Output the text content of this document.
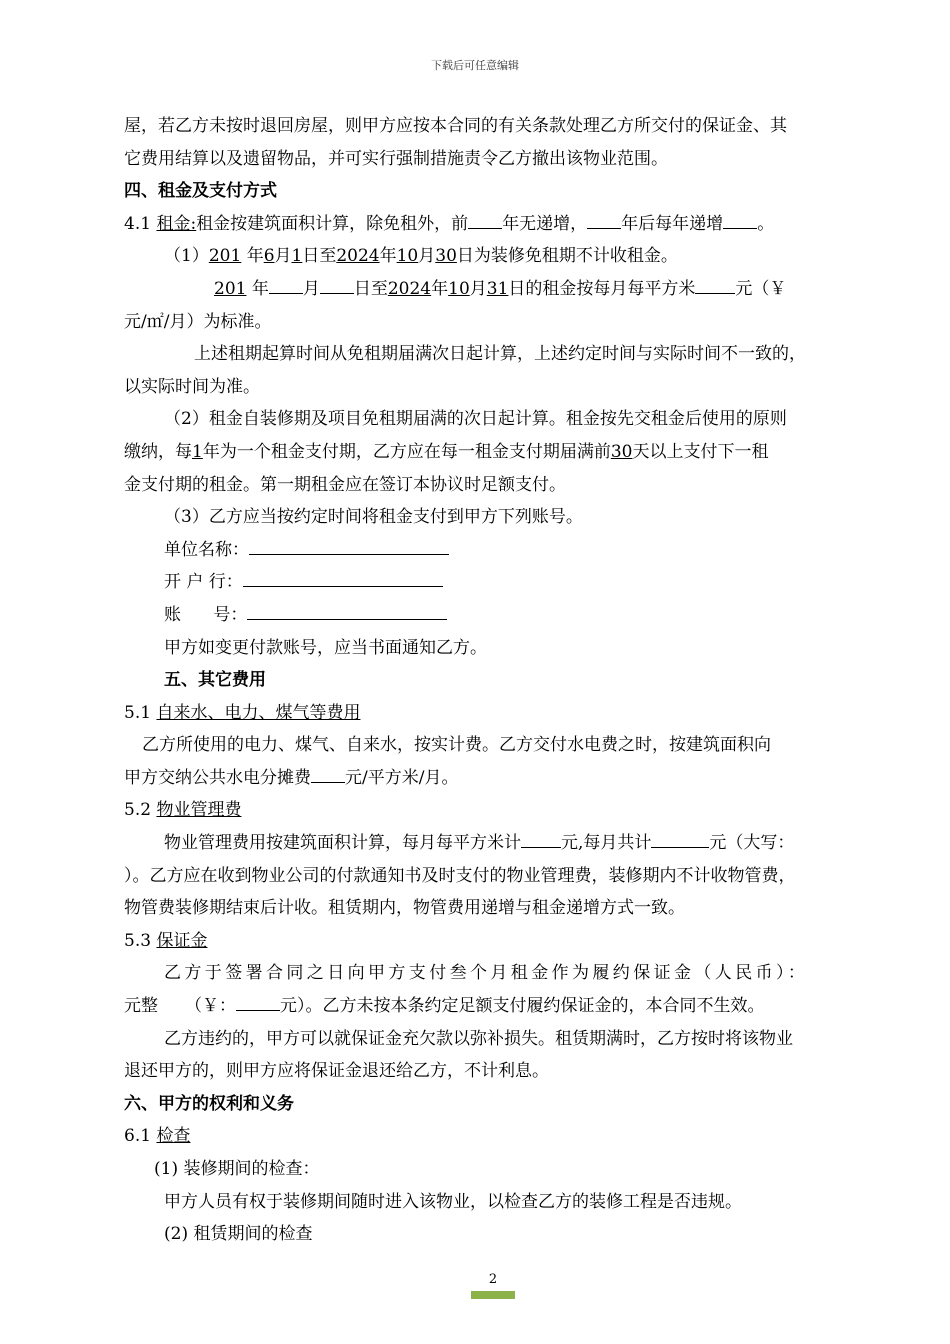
下载后可任意编辑
屋，若乙方未按时退回房屋，则甲方应按本合同的有关条款处理乙方所交付的保证金、其
它费用结算以及遗留物品，并可实行强制措施责令乙方撤出该物业范围。
四、租金及支付方式
4.1 租金:租金按建筑面积计算，除免租外，前 年无递增， 年后每年递增 。
（1）201 年6月1日至2024年10月30日为装修免租期不计收租金。
201 年 月 日至2024年10月31日的租金按每月每平方米 元（￥
元/㎡/月）为标准。
上述租期起算时间从免租期届满次日起计算，上述约定时间与实际时间不一致的，
以实际时间为准。
（2）租金自装修期及项目免租期届满的次日起计算。租金按先交租金后使用的原则
缴纳，每1年为一个租金支付期，乙方应在每一租金支付期届满前30天以上支付下一租
金支付期的租金。第一期租金应在签订本协议时足额支付。
（3）乙方应当按约定时间将租金支付到甲方下列账号。
单位名称：
开 户 行：
账      号：
甲方如变更付款账号，应当书面通知乙方。
五、其它费用
5.1 自来水、电力、煤气等费用
乙方所使用的电力、煤气、自来水，按实计费。乙方交付水电费之时，按建筑面积向
甲方交纳公共水电分摊费 元/平方米/月。
5.2 物业管理费
物业管理费用按建筑面积计算，每月每平方米计 元,每月共计	元（大写：
）。乙方应在收到物业公司的付款通知书及时支付的物业管理费，装修期内不计收物管费，
物管费装修期结束后计收。租赁期内，物管费用递增与租金递增方式一致。
5.3 保证金
乙方于签署合同之日向甲方支付叁个月租金作为履约保证金（人民币）：
元整 （￥：	元）。乙方未按本条约定足额支付履约保证金的，本合同不生效。
乙方违约的，甲方可以就保证金充欠款以弥补损失。租赁期满时，乙方按时将该物业
退还甲方的，则甲方应将保证金退还给乙方，不计利息。
六、甲方的权利和义务
6.1 检查
(1) 装修期间的检查：
甲方人员有权于装修期间随时进入该物业，以检查乙方的装修工程是否违规。
(2) 租赁期间的检查
2
